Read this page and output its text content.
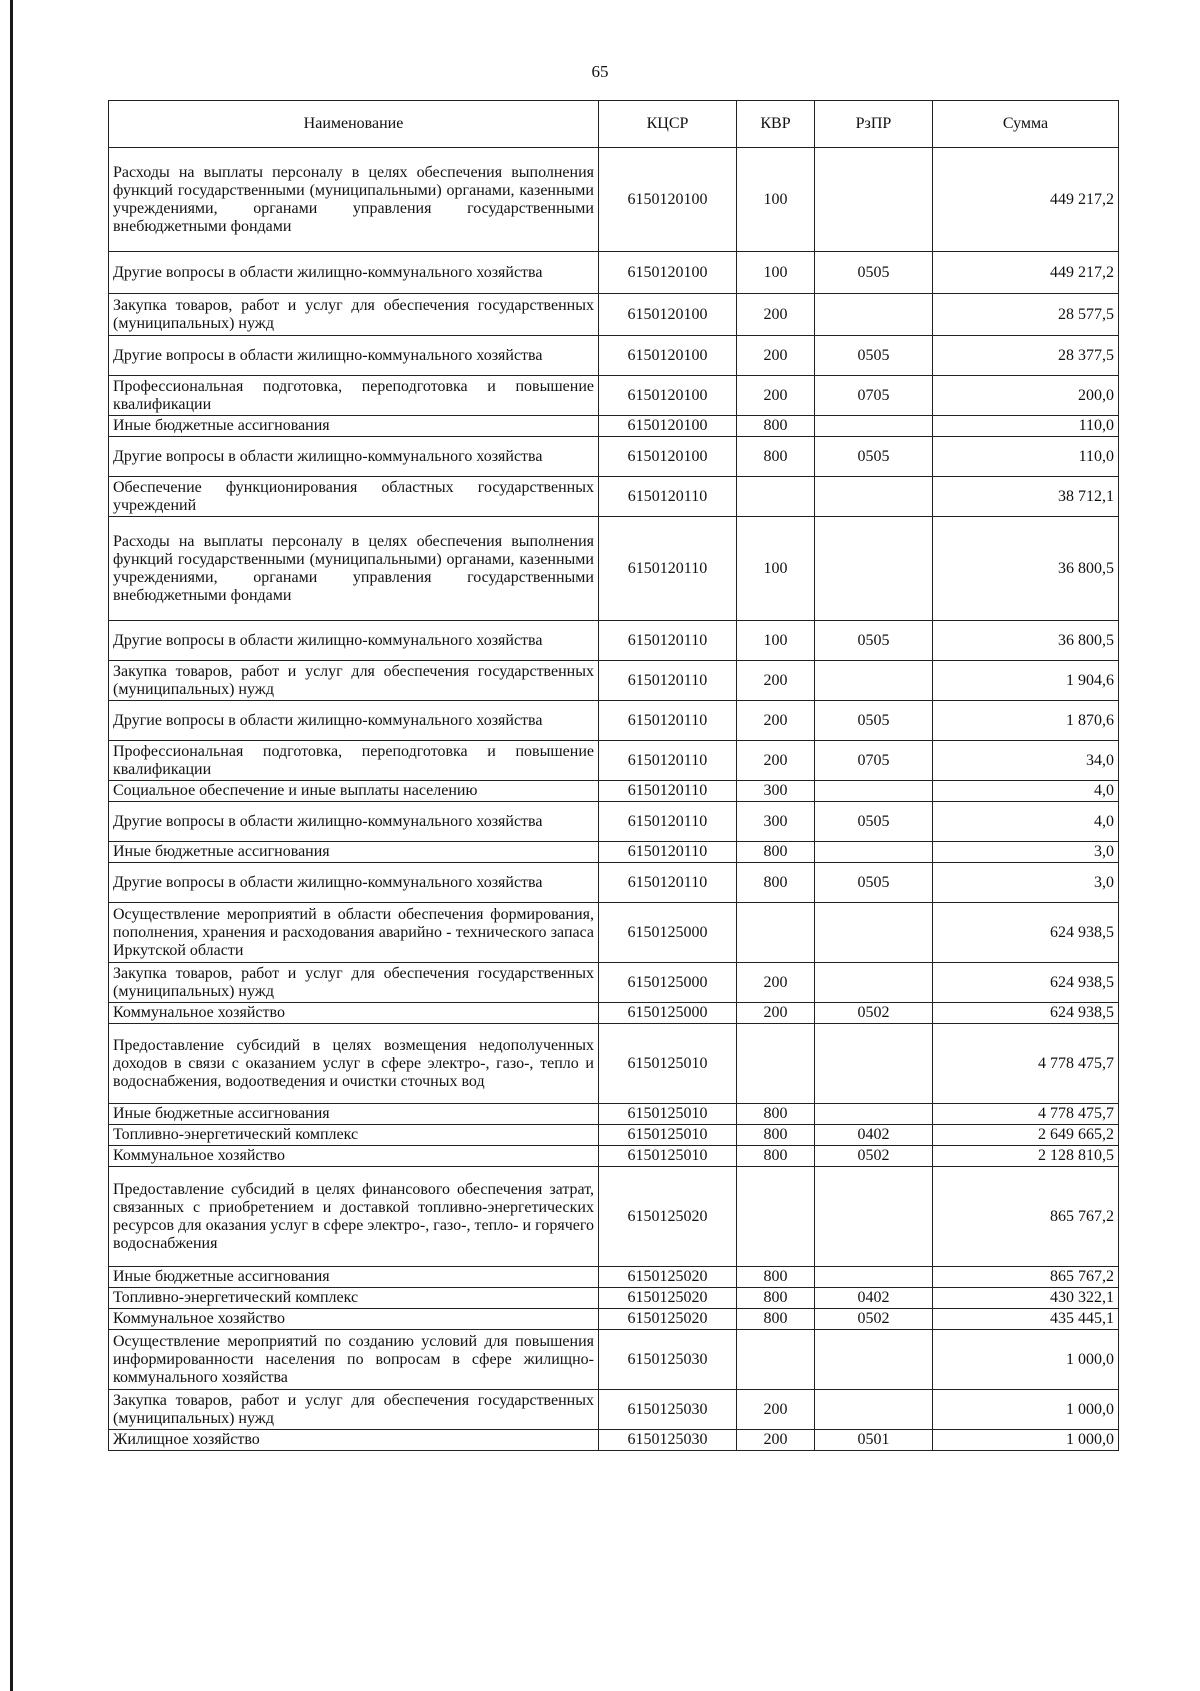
65
Наименование	КЦСР	КВР	РзПР	Сумма
Расходы на выплаты персоналу в целях обеспечения выполнения функций государственными (муниципальными) органами, казенными учреждениями, органами управления государственными внебюджетными фондами	6150120100	100		449 217,2
Другие вопросы в области жилищно-коммунального хозяйства	6150120100	100	0505	449 217,2
Закупка товаров, работ и услуг для обеспечения государственных (муниципальных) нужд	6150120100	200		28 577,5
Другие вопросы в области жилищно-коммунального хозяйства	6150120100	200	0505	28 377,5
Профессиональная подготовка, переподготовка и повышение квалификации	6150120100	200	0705	200,0
Иные бюджетные ассигнования	6150120100	800		110,0
Другие вопросы в области жилищно-коммунального хозяйства	6150120100	800	0505	110,0
Обеспечение функционирования областных государственных учреждений	6150120110			38 712,1
Расходы на выплаты персоналу в целях обеспечения выполнения функций государственными (муниципальными) органами, казенными учреждениями, органами управления государственными внебюджетными фондами	6150120110	100		36 800,5
Другие вопросы в области жилищно-коммунального хозяйства	6150120110	100	0505	36 800,5
Закупка товаров, работ и услуг для обеспечения государственных (муниципальных) нужд	6150120110	200		1 904,6
Другие вопросы в области жилищно-коммунального хозяйства	6150120110	200	0505	1 870,6
Профессиональная подготовка, переподготовка и повышение квалификации	6150120110	200	0705	34,0
Социальное обеспечение и иные выплаты населению	6150120110	300		4,0
Другие вопросы в области жилищно-коммунального хозяйства	6150120110	300	0505	4,0
Иные бюджетные ассигнования	6150120110	800		3,0
Другие вопросы в области жилищно-коммунального хозяйства	6150120110	800	0505	3,0
Осуществление мероприятий в области обеспечения формирования, пополнения, хранения и расходования аварийно - технического запаса Иркутской области	6150125000			624 938,5
Закупка товаров, работ и услуг для обеспечения государственных (муниципальных) нужд	6150125000	200		624 938,5
Коммунальное хозяйство	6150125000	200	0502	624 938,5
Предоставление субсидий в целях возмещения недополученных доходов в связи с оказанием услуг в сфере электро-, газо-, тепло и водоснабжения, водоотведения и очистки сточных вод	6150125010			4 778 475,7
Иные бюджетные ассигнования	6150125010	800		4 778 475,7
Топливно-энергетический комплекс	6150125010	800	0402	2 649 665,2
Коммунальное хозяйство	6150125010	800	0502	2 128 810,5
Предоставление субсидий в целях финансового обеспечения затрат, связанных с приобретением и доставкой топливно-энергетических ресурсов для оказания услуг в сфере электро-, газо-, тепло- и горячего водоснабжения	6150125020			865 767,2
Иные бюджетные ассигнования	6150125020	800		865 767,2
Топливно-энергетический комплекс	6150125020	800	0402	430 322,1
Коммунальное хозяйство	6150125020	800	0502	435 445,1
Осуществление мероприятий по созданию условий для повышения информированности населения по вопросам в сфере жилищно-коммунального хозяйства	6150125030			1 000,0
Закупка товаров, работ и услуг для обеспечения государственных (муниципальных) нужд	6150125030	200		1 000,0
Жилищное хозяйство	6150125030	200	0501	1 000,0
